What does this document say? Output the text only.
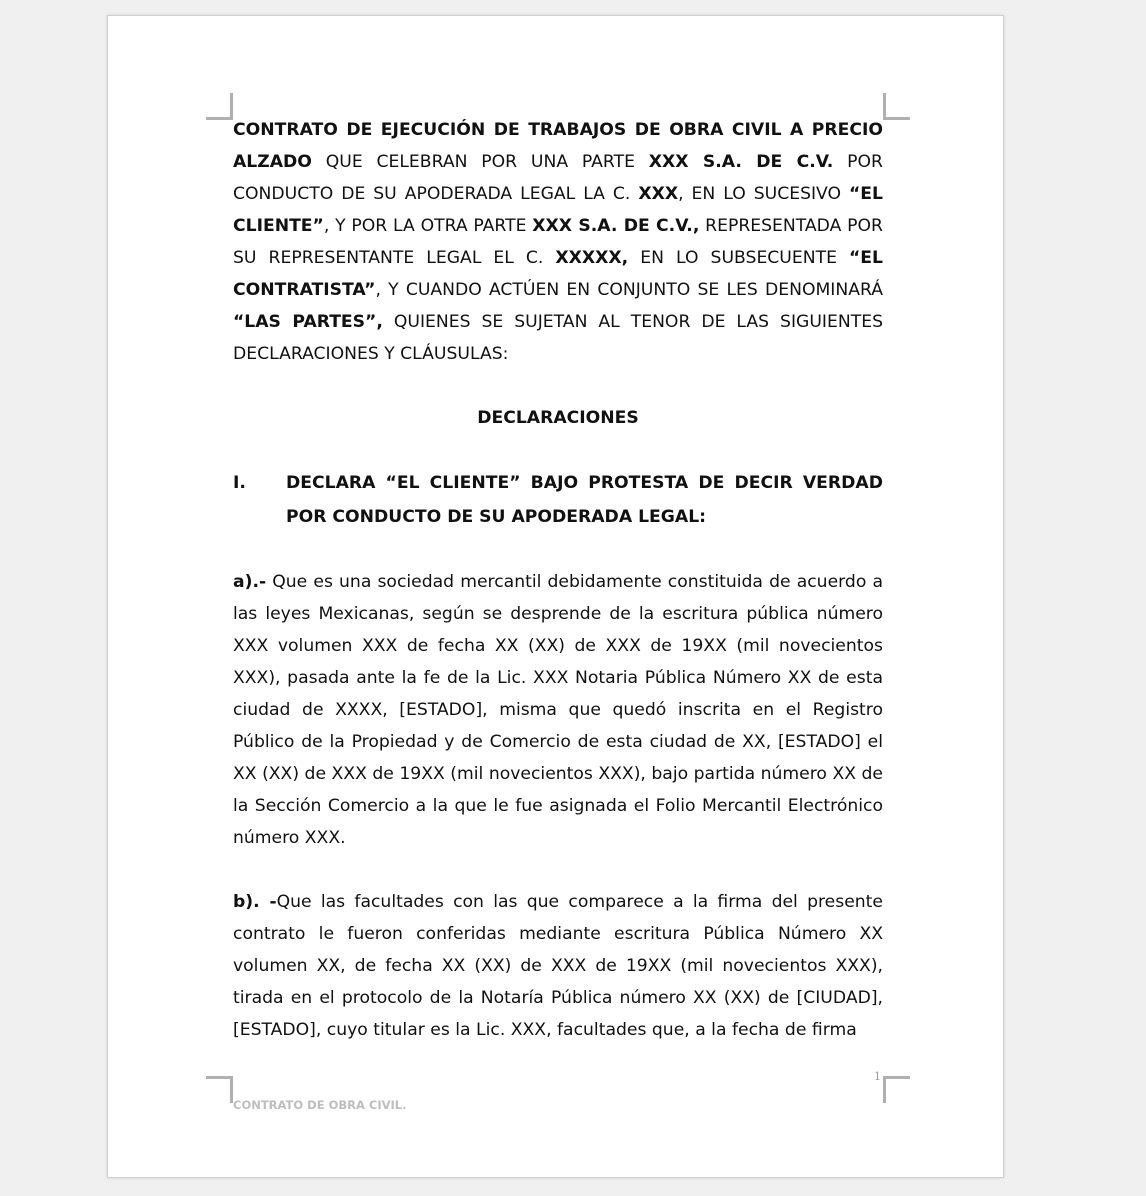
CONTRATO DE EJECUCIÓN DE TRABAJOS DE OBRA CIVIL A PRECIO ALZADO QUE CELEBRAN POR UNA PARTE XXX S.A. DE C.V. POR CONDUCTO DE SU APODERADA LEGAL LA C. XXX, EN LO SUCESIVO “EL CLIENTE”, Y POR LA OTRA PARTE XXX S.A. DE C.V., REPRESENTADA POR SU REPRESENTANTE LEGAL EL C. XXXXX, EN LO SUBSECUENTE “EL CONTRATISTA”, Y CUANDO ACTÚEN EN CONJUNTO SE LES DENOMINARÁ “LAS PARTES”, QUIENES SE SUJETAN AL TENOR DE LAS SIGUIENTES DECLARACIONES Y CLÁUSULAS:

DECLARACIONES

I. DECLARA “EL CLIENTE” BAJO PROTESTA DE DECIR VERDAD POR CONDUCTO DE SU APODERADA LEGAL:

a).- Que es una sociedad mercantil debidamente constituida de acuerdo a las leyes Mexicanas, según se desprende de la escritura pública número XXX volumen XXX de fecha XX (XX) de XXX de 19XX (mil novecientos XXX), pasada ante la fe de la Lic. XXX Notaria Pública Número XX de esta ciudad de XXXX, [ESTADO], misma que quedó inscrita en el Registro Público de la Propiedad y de Comercio de esta ciudad de XX, [ESTADO] el XX (XX) de XXX de 19XX (mil novecientos XXX), bajo partida número XX de la Sección Comercio a la que le fue asignada el Folio Mercantil Electrónico número XXX.

b). -Que las facultades con las que comparece a la firma del presente contrato le fueron conferidas mediante escritura Pública Número XX volumen XX, de fecha XX (XX) de XXX de 19XX (mil novecientos XXX), tirada en el protocolo de la Notaría Pública número XX (XX) de [CIUDAD], [ESTADO], cuyo titular es la Lic. XXX, facultades que, a la fecha de firma

1
CONTRATO DE OBRA CIVIL.
